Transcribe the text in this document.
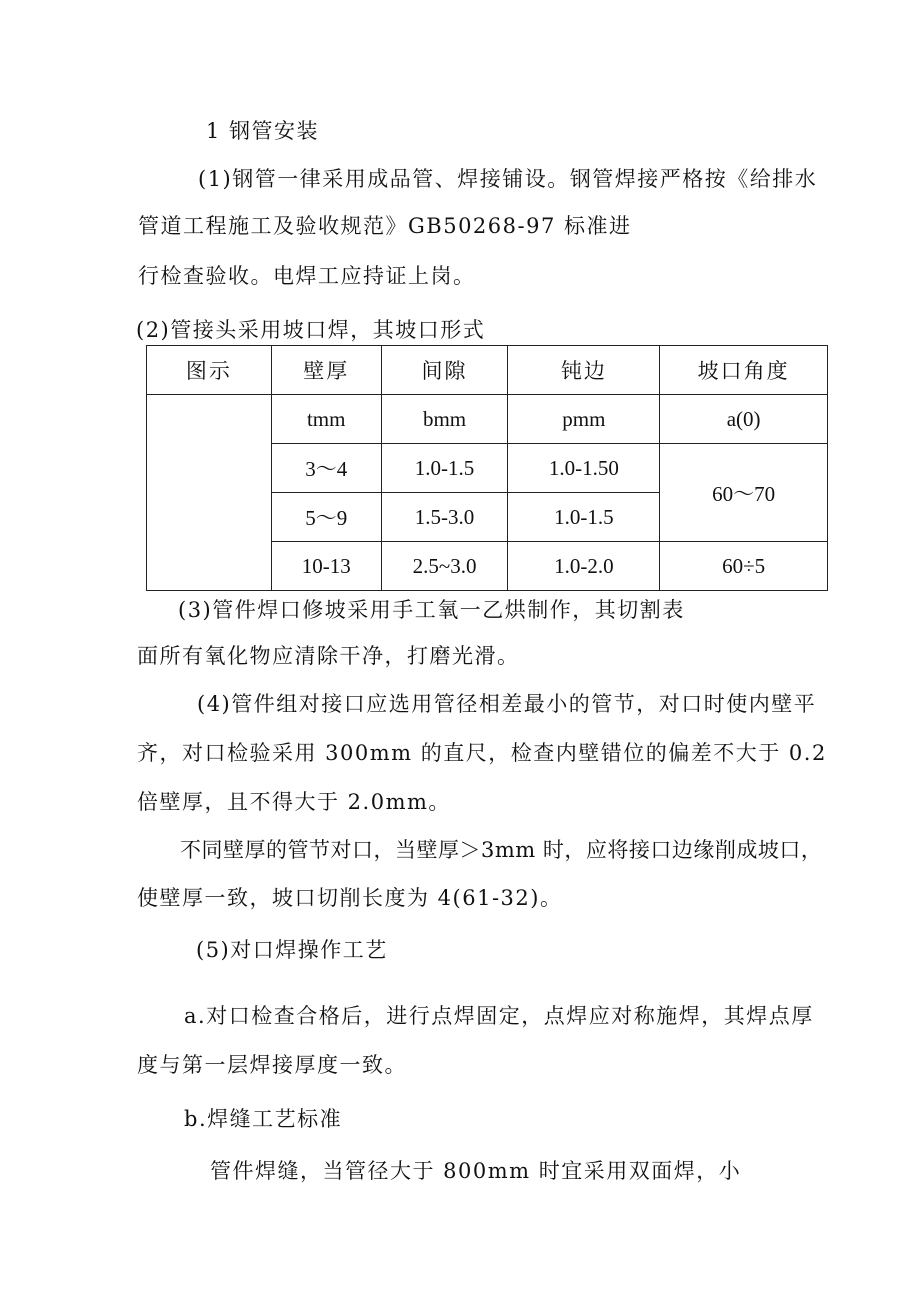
1 钢管安装
(1)钢管一律采用成品管、焊接铺设。钢管焊接严格按《给排水
管道工程施工及验收规范》GB50268-97 标准进
行检查验收。电焊工应持证上岗。
(2)管接头采用坡口焊，其坡口形式
图示	壁厚	间隙	钝边	坡口角度
	tmm	bmm	pmm	a(0)
	3～4	1.0-1.5	1.0-1.50	60～70
	5～9	1.5-3.0	1.0-1.5	
	10-13	2.5~3.0	1.0-2.0	60÷5
(3)管件焊口修坡采用手工氧一乙烘制作，其切割表
面所有氧化物应清除干净，打磨光滑。
(4)管件组对接口应选用管径相差最小的管节，对口时使内壁平
齐，对口检验采用 300mm 的直尺，检查内壁错位的偏差不大于 0.2
倍壁厚，且不得大于 2.0mm。
不同壁厚的管节对口，当壁厚＞3mm 时，应将接口边缘削成坡口，
使壁厚一致，坡口切削长度为 4(61-32)。
(5)对口焊操作工艺
a.对口检查合格后，进行点焊固定，点焊应对称施焊，其焊点厚
度与第一层焊接厚度一致。
b.焊缝工艺标准
管件焊缝，当管径大于 800mm 时宜采用双面焊，小
